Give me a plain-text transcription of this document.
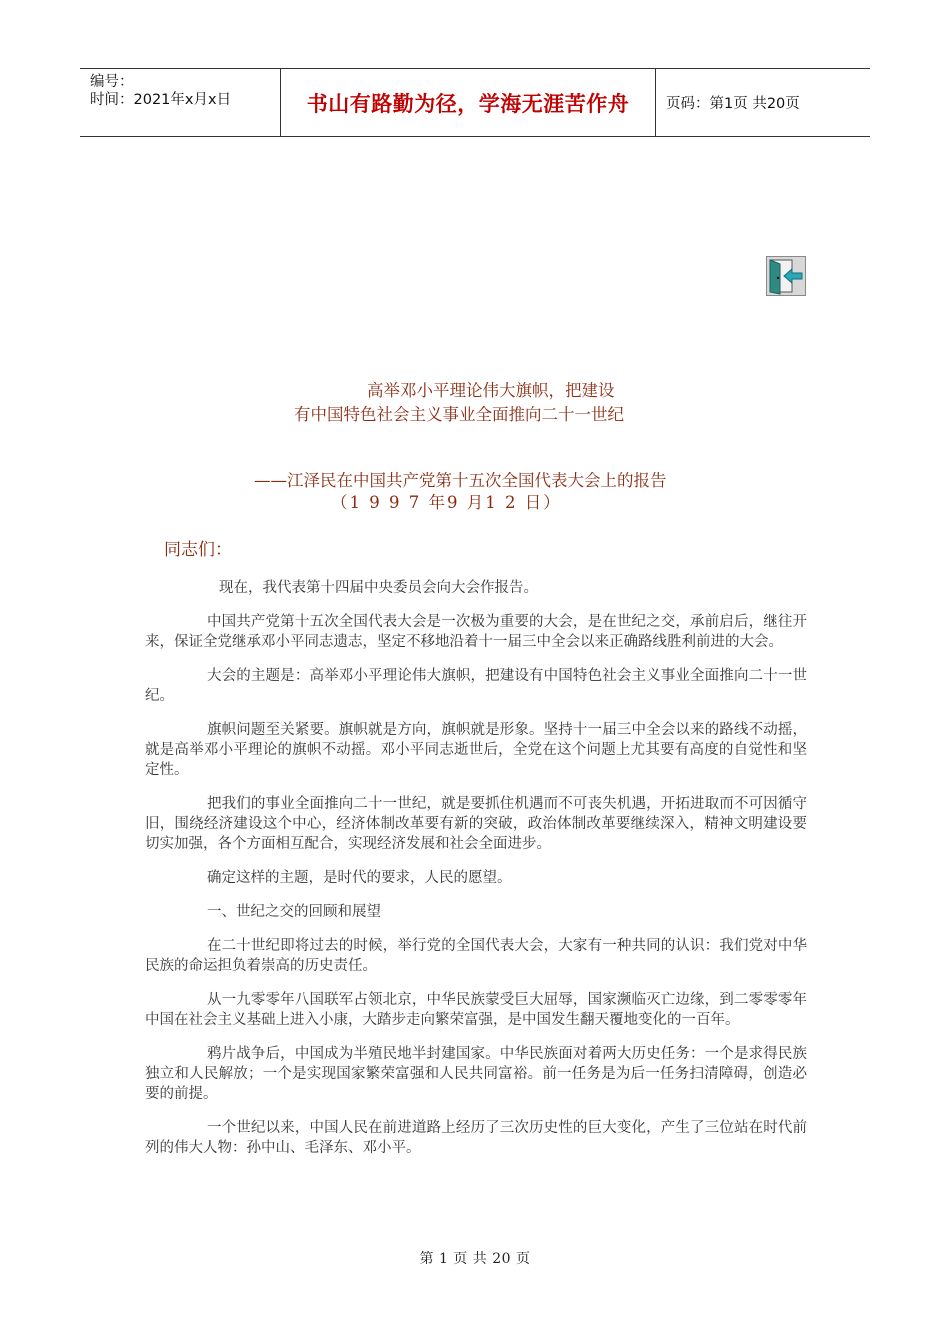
编号：
时间：2021年x月x日	书山有路勤为径，学海无涯苦作舟	页码：第1页 共20页
高举邓小平理论伟大旗帜，把建设
有中国特色社会主义事业全面推向二十一世纪
——江泽民在中国共产党第十五次全国代表大会上的报告
（1 9 9 7 年9 月1 2 日）
同志们：

现在，我代表第十四届中央委员会向大会作报告。

中国共产党第十五次全国代表大会是一次极为重要的大会，是在世纪之交，承前启后，继往开来，保证全党继承邓小平同志遗志，坚定不移地沿着十一届三中全会以来正确路线胜利前进的大会。

大会的主题是：高举邓小平理论伟大旗帜，把建设有中国特色社会主义事业全面推向二十一世纪。

旗帜问题至关紧要。旗帜就是方向，旗帜就是形象。坚持十一届三中全会以来的路线不动摇，就是高举邓小平理论的旗帜不动摇。邓小平同志逝世后，全党在这个问题上尤其要有高度的自觉性和坚定性。

把我们的事业全面推向二十一世纪，就是要抓住机遇而不可丧失机遇，开拓进取而不可因循守旧，围绕经济建设这个中心，经济体制改革要有新的突破，政治体制改革要继续深入，精神文明建设要切实加强，各个方面相互配合，实现经济发展和社会全面进步。

确定这样的主题，是时代的要求，人民的愿望。

一、世纪之交的回顾和展望

在二十世纪即将过去的时候，举行党的全国代表大会，大家有一种共同的认识：我们党对中华民族的命运担负着崇高的历史责任。

从一九零零年八国联军占领北京，中华民族蒙受巨大屈辱，国家濒临灭亡边缘，到二零零零年中国在社会主义基础上进入小康，大踏步走向繁荣富强，是中国发生翻天覆地变化的一百年。

鸦片战争后，中国成为半殖民地半封建国家。中华民族面对着两大历史任务：一个是求得民族独立和人民解放；一个是实现国家繁荣富强和人民共同富裕。前一任务是为后一任务扫清障碍，创造必要的前提。

一个世纪以来，中国人民在前进道路上经历了三次历史性的巨大变化，产生了三位站在时代前列的伟大人物：孙中山、毛泽东、邓小平。

第 1 页 共 20 页
